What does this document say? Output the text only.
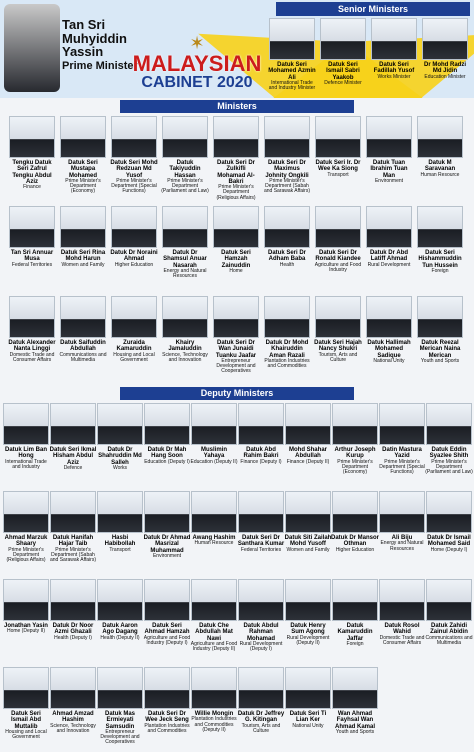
Tan Sri Muhyiddin Yassin
Prime Minister
✶
MALAYSIAN
CABINET 2020
Senior Ministers
Ministers
Deputy Ministers
Datuk Seri Mohamed Azmin Ali
International Trade and Industry Minister
Datuk Seri Ismail Sabri Yaakob
Defence Minister
Datuk Seri Fadillah Yusof
Works Minister
Dr Mohd Radzi Md Jidin
Education Minister
Tengku Datuk Seri Zafrul Tengku Abdul Aziz
Finance
Datuk Seri Mustapa Mohamed
Prime Minister's Department (Economy)
Datuk Seri Mohd Redzuan Md Yusof
Prime Minister's Department (Special Functions)
Datuk Takiyuddin Hassan
Prime Minister's Department (Parliament and Law)
Datuk Seri Dr Zulkifli Mohamad Al-Bakri
Prime Minister's Department (Religious Affairs)
Datuk Seri Dr Maximus Johnity Ongkili
Prime Minister's Department (Sabah and Sarawak Affairs)
Datuk Seri Ir. Dr Wee Ka Siong
Transport
Datuk Tuan Ibrahim Tuan Man
Environment
Datuk M Saravanan
Human Resource
Tan Sri Annuar Musa
Federal Territories
Datuk Seri Rina Mohd Harun
Women and Family
Datuk Dr Noraini Ahmad
Higher Education
Datuk Dr Shamsul Anuar Nasarah
Energy and Natural Resources
Datuk Seri Hamzah Zainuddin
Home
Datuk Seri Dr Adham Baba
Health
Datuk Seri Dr Ronald Kiandee
Agriculture and Food Industry
Datuk Dr Abd Latiff Ahmad
Rural Development
Datuk Seri Hishammuddin Tun Hussein
Foreign
Datuk Alexander Nanta Linggi
Domestic Trade and Consumer Affairs
Datuk Saifuddin Abdullah
Communications and Multimedia
Zuraida Kamaruddin
Housing and Local Government
Khairy Jamaluddin
Science, Technology and Innovation
Datuk Seri Dr Wan Junaidi Tuanku Jaafar
Entrepreneur Development and Cooperatives
Datuk Dr Mohd Khairuddin Aman Razali
Plantation Industries and Commodities
Datuk Seri Hajah Nancy Shukri
Tourism, Arts and Culture
Datuk Hallimah Mohamed Sadique
National Unity
Datuk Reezal Merican Naina Merican
Youth and Sports
Datuk Lim Ban Hong
International Trade and Industry
Datuk Seri Ikmal Hisham Abdul Aziz
Defence
Datuk Dr Shahruddin Md Salleh
Works
Datuk Dr Mah Hang Soon
Education (Deputy I)
Muslimin Yahaya
Education (Deputy II)
Datuk Abd Rahim Bakri
Finance (Deputy I)
Mohd Shahar Abdullah
Finance (Deputy II)
Arthur Joseph Kurup
Prime Minister's Department (Economy)
Datin Mastura Yazid
Prime Minister's Department (Special Functions)
Datuk Eddin Syazlee Shith
Prime Minister's Department (Parliament and Law)
Ahmad Marzuk Shaary
Prime Minister's Department (Religious Affairs)
Datuk Hanifah Hajar Taib
Prime Minister's Department (Sabah and Sarawak Affairs)
Hasbi Habibollah
Transport
Datuk Dr Ahmad Masrizal Muhammad
Environment
Awang Hashim
Human Resource
Datuk Seri Dr Santhara Kumar
Federal Territories
Datuk Siti Zailah Mohd Yusoff
Women and Family
Datuk Dr Mansor Othman
Higher Education
Ali Biju
Energy and Natural Resources
Datuk Dr Ismail Mohamed Said
Home (Deputy I)
Jonathan Yasin
Home (Deputy II)
Datuk Dr Noor Azmi Ghazali
Health (Deputy I)
Datuk Aaron Ago Dagang
Health (Deputy II)
Datuk Seri Ahmad Hamzah
Agriculture and Food Industry (Deputy I)
Datuk Che Abdullah Mat Nawi
Agriculture and Food Industry (Deputy II)
Datuk Abdul Rahman Mohamad
Rural Development (Deputy I)
Datuk Henry Sum Agong
Rural Development (Deputy II)
Datuk Kamaruddin Jaffar
Foreign
Datuk Rosol Wahid
Domestic Trade and Consumer Affairs
Datuk Zahidi Zainul Abidin
Communications and Multimedia
Datuk Seri Ismail Abd Muttalib
Housing and Local Government
Ahmad Amzad Hashim
Science, Technology and Innovation
Datuk Mas Ermieyati Samsudin
Entrepreneur Development and Cooperatives
Datuk Seri Dr Wee Jeck Seng
Plantation Industries and Commodities
Willie Mongin
Plantation Industries and Commodities (Deputy II)
Datuk Dr Jeffrey G. Kitingan
Tourism, Arts and Culture
Datuk Seri Ti Lian Ker
National Unity
Wan Ahmad Fayhsal Wan Ahmad Kamal
Youth and Sports
